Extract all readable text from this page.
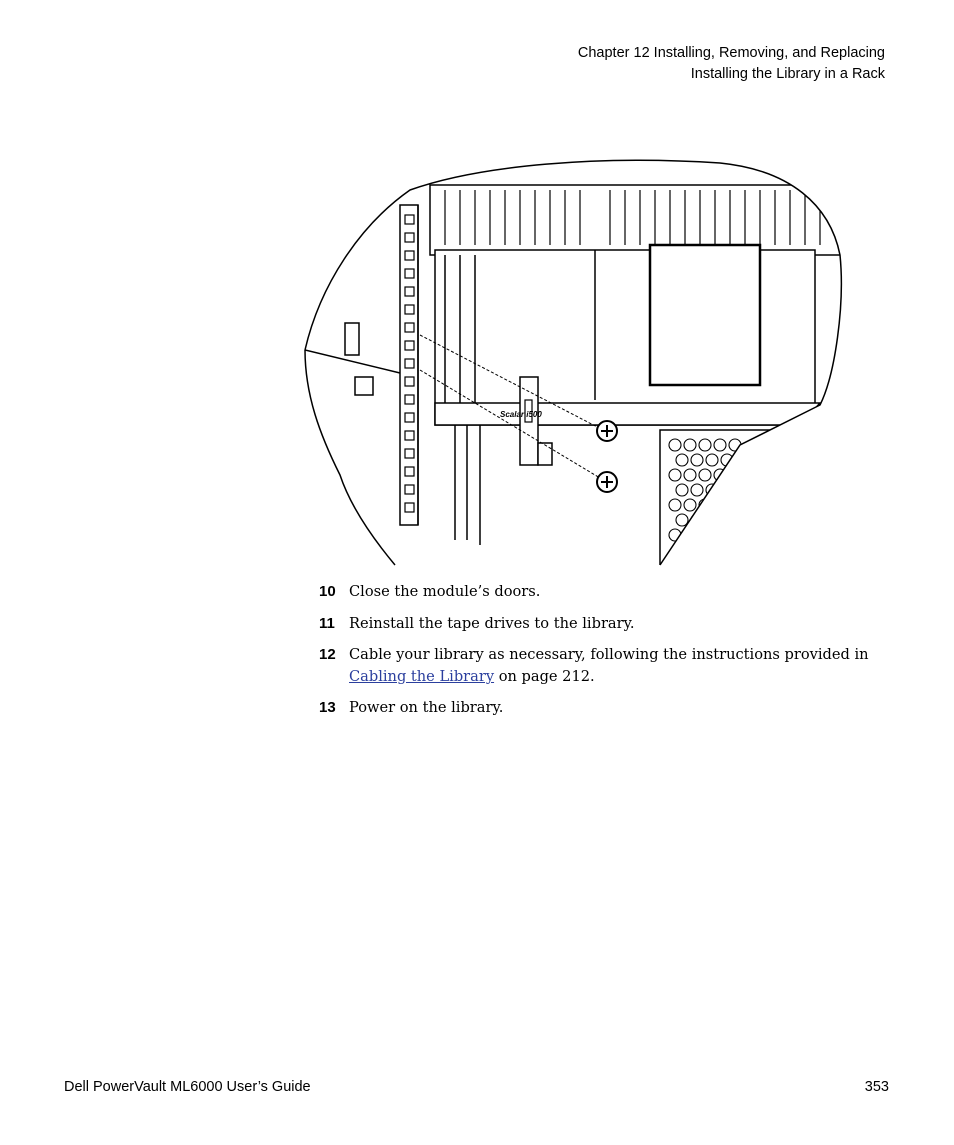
Chapter 12 Installing, Removing, and Replacing
Installing the Library in a Rack
Scalar i500
10 Close the module’s doors.
11 Reinstall the tape drives to the library.
12 Cable your library as necessary, following the instructions provided in Cabling the Library on page 212.
13 Power on the library.
Dell PowerVault ML6000 User’s Guide	353
